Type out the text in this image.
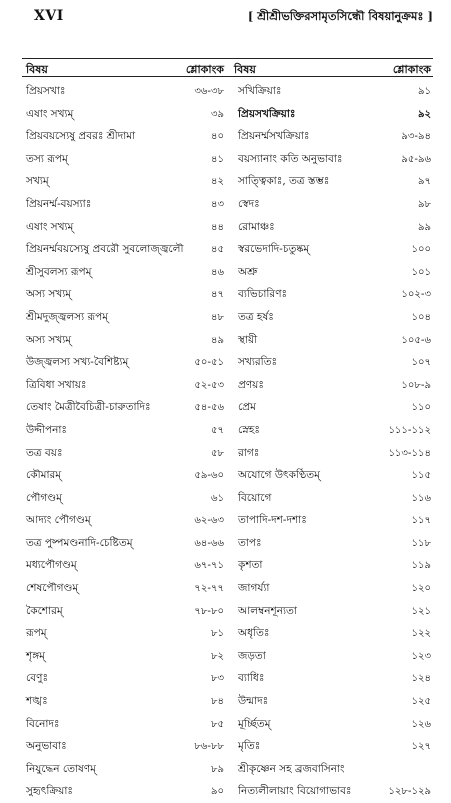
XVI	[ শ্রীশ্রীভক্তিরসামৃতসিন্ধৌ বিষয়ানুক্রমঃ ]
বিষয়	শ্লোকাংক
প্রিয়সখাঃ	৩৬-৩৮
এষাং সখ্যম্	৩৯
প্রিয়বয়স্যেষু প্রবরঃ শ্রীদামা	৪০
তস্য রূপম্	৪১
সখ্যম্	৪২
প্রিয়নর্ম্ম-বয়স্যাঃ	৪৩
এষাং সখ্যম্	৪৪
প্রিয়নর্ম্মবয়স্যেষু প্রবরৌ সুবলোজ্জ্বলৌ	৪৫
শ্রীসুবলস্য রূপম্	৪৬
অস্য সখ্যম্	৪৭
শ্রীমদুজ্জ্বলস্য রূপম্	৪৮
অস্য সখ্যম্	৪৯
উজ্জ্বলস্য সখ্য-বৈশিষ্ট্যম্	৫০-৫১
ত্রিবিধা সখায়ঃ	৫২-৫৩
তেষাং মৈত্রীবৈচিত্রী-চারুতাদিঃ	৫৪-৫৬
উদ্দীপনাঃ	৫৭
তত্র বয়ঃ	৫৮
কৌমারম্	৫৯-৬০
পৌগণ্ডম্	৬১
আদ্যং পৌগণ্ডম্	৬২-৬৩
তত্র পুষ্পমণ্ডনাদি-চেষ্টিতম্	৬৪-৬৬
মধ্যপৌগণ্ডম্	৬৭-৭১
শেষপৌগণ্ডম্	৭২-৭৭
কৈশোরম্	৭৮-৮০
রূপম্	৮১
শৃঙ্গম্	৮২
বেণুঃ	৮৩
শঙ্খঃ	৮৪
বিনোদঃ	৮৫
অনুভাবাঃ	৮৬-৮৮
নিযুদ্ধেন তোষণম্	৮৯
সুহৃৎক্রিয়াঃ	৯০
বিষয়	শ্লোকাংক
সখিক্রিয়াঃ	৯১
প্রিয়সখক্রিয়াঃ	৯২
প্রিয়নর্ম্মসখক্রিয়াঃ	৯৩-৯৪
বয়স্যানাং কতি অনুভাবাঃ	৯৫-৯৬
সাত্ত্বিকাঃ, তত্র স্তম্ভঃ	৯৭
স্বেদঃ	৯৮
রোমাঞ্চঃ	৯৯
স্বরভেদাদি-চতুষ্কম্	১০০
অশ্রু	১০১
ব্যভিচারিণঃ	১০২-৩
তত্র হর্ষঃ	১০৪
স্থায়ী	১০৫-৬
সখ্যরতিঃ	১০৭
প্রণয়ঃ	১০৮-৯
প্রেম	১১০
স্নেহঃ	১১১-১১২
রাগঃ	১১৩-১১৪
অযোগে উৎকণ্ঠিতম্	১১৫
বিয়োগে	১১৬
তাপাদি-দশ-দশাঃ	১১৭
তাপঃ	১১৮
কৃশতা	১১৯
জাগর্য্যা	১২০
আলম্বনশূন্যতা	১২১
অধৃতিঃ	১২২
জড়তা	১২৩
ব্যাধিঃ	১২৪
উন্মাদঃ	১২৫
মূর্চ্ছিতম্	১২৬
মৃতিঃ	১২৭
শ্রীকৃষ্ণেন সহ ব্রজবাসিনাং
নিত্যলীলায়াং বিয়োগাভাবঃ	১২৮-১২৯
